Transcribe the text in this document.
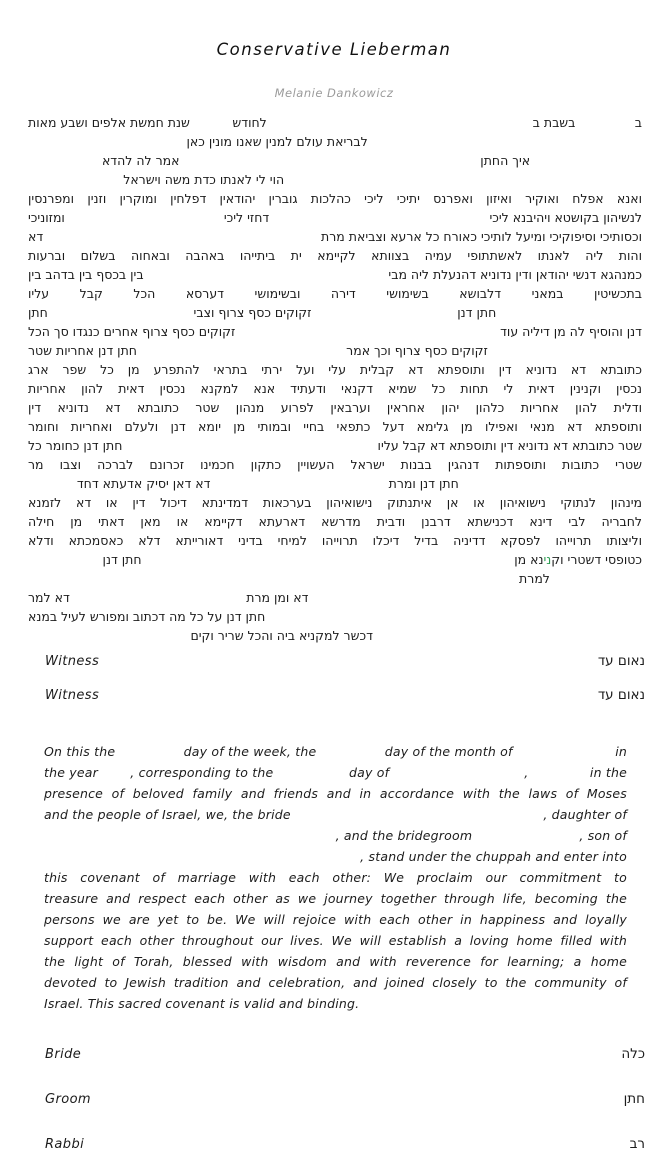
Conservative Lieberman
Melanie Dankowicz
ב
בשבת ב
לחודש
שנת חמשת אלפים ושבע מאות
לבריאת עולם למנין שאנו מונין כאן
איך החתן
אמר לה להדא
הוי לי לאנתו כדת משה וישראל
ואנא אפלח ואוקיר ואיזון ואפרנס יתיכי ליכי כהלכות גוברין יהודאין דפלחין ומוקרין וזנין ומפרנסין
לנשיהון בקושטא ויהיבנא ליכי
דחזי ליכי
ומזוניכי
וכסותיכי וסיפוקיכי ומיעל לותיכי כאורח כל ארעא וצביאת מרת
דא
והות ליה לאנתו לאשתתופי עמיה בצוותא לקיימא ית ביתייהו באהבה ובאחוה בשלום וברעות
כמנהגא דנשי יהודאן ודין נדוניא דהנעלת ליה מבי
בין בכסף בין בדהב בין
בתכשיטין במאני דלבושא בשימושי דירה ובשימושי דערסא הכל קבל עליו
חתן דנן
זקוקים כסף צרוף וצבי
חתן
דנן והוסיף לה מן דיליה עוד
זקוקים כסף צרוף אחרים כנגדו סך הכל
זקוקים כסף צרוף וכך אמר
חתן דנן אחריות שטר
כתובתא דא נדוניא דין ותוספתא דא קבלית עלי ועל ירתי בתראי להתפרע מן כל שפר ארג
נכסין וקנינין דאית לי תחות כל שמיא דקנאי ודעתיד אנא למקנא נכסין דאית להון אחריות
ודלית להון אחריות כלהון יהון אחראין וערבאין לפרוע מנהון שטר כתובתא דא נדוניא דין
ותוספתא דא מנאי ואפילו מן גלימא דעל כתפאי בחיי ובמותי מן יומא דנן ולעלם ואחריות וחומר
שטר כתובתא דא נדוניא דין ותוספתא דא קבל עליו
חתן דנן כחומר כל
שטרי כתובות ותוספתות דנהגין בבנות ישראל העשויין כתקון חכמינו זכרונם לברכה וצבו מר
חתן דנן ומרת
דא דאן יסיק אדעתא דחד
מינהון לנתוקי נישואיהון או אן איתנתוק נישואיהון בערכאות דמדינתא דיכול דין או דא לזמנא
לחבריה לבי דינא דכנישתא דרבנן ודבית מדרשא דארעתא דקיימא או מאן דאתי מן חילה
וליצותו תרוייהו לפסקא דדיניה בדיל דיכלו תרוייהו למיחי בדיני דאורייתא דלא כאסמכתא ודלא
כטופסי דשטרי וקנינא מן
חתן דנן
למרת
דא ומן מרת
דא למר
חתן דנן על כל מה דכתוב ומפורש לעיל במנא
דכשר למקניא ביה והכל שריר וקים
Witness	נאום עד
Witness	נאום עד
On this the	day of the week, the	day of the month of	in
the year	, corresponding to the	day of	,	in the
presence of beloved family and friends and in accordance with the laws of Moses
and the people of Israel, we, the bride	, daughter of
, and the bridegroom	, son of
, stand under the chuppah and enter into
this covenant of marriage with each other: We proclaim our commitment to
treasure and respect each other as we journey together through life, becoming the
persons we are yet to be. We will rejoice with each other in happiness and loyally
support each other throughout our lives. We will establish a loving home filled with
the light of Torah, blessed with wisdom and with reverence for learning; a home
devoted to Jewish tradition and celebration, and joined closely to the community of
Israel. This sacred covenant is valid and binding.
Bride	כלה
Groom	חתן
Rabbi	רב
